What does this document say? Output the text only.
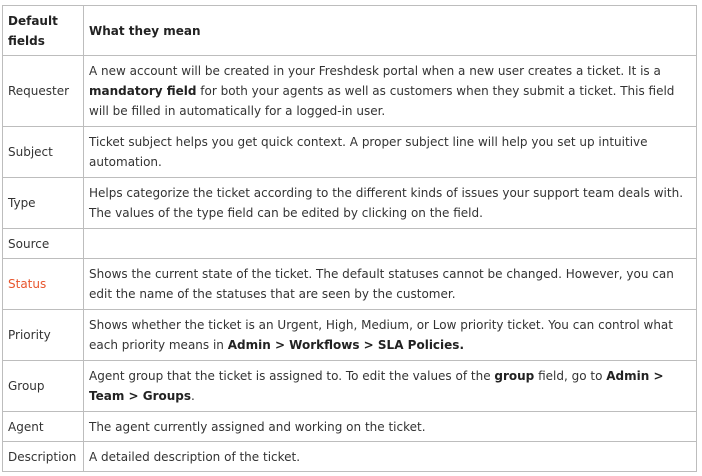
Default fields	What they mean
Requester	A new account will be created in your Freshdesk portal when a new user creates a ticket. It is a mandatory field for both your agents as well as customers when they submit a ticket. This field will be filled in automatically for a logged-in user.
Subject	Ticket subject helps you get quick context. A proper subject line will help you set up intuitive automation.
Type	Helps categorize the ticket according to the different kinds of issues your support team deals with. The values of the type field can be edited by clicking on the field.
Source	
Status	Shows the current state of the ticket. The default statuses cannot be changed. However, you can edit the name of the statuses that are seen by the customer.
Priority	Shows whether the ticket is an Urgent, High, Medium, or Low priority ticket. You can control what each priority means in Admin > Workflows > SLA Policies.
Group	Agent group that the ticket is assigned to. To edit the values of the group field, go to Admin > Team > Groups.
Agent	The agent currently assigned and working on the ticket.
Description	A detailed description of the ticket.
